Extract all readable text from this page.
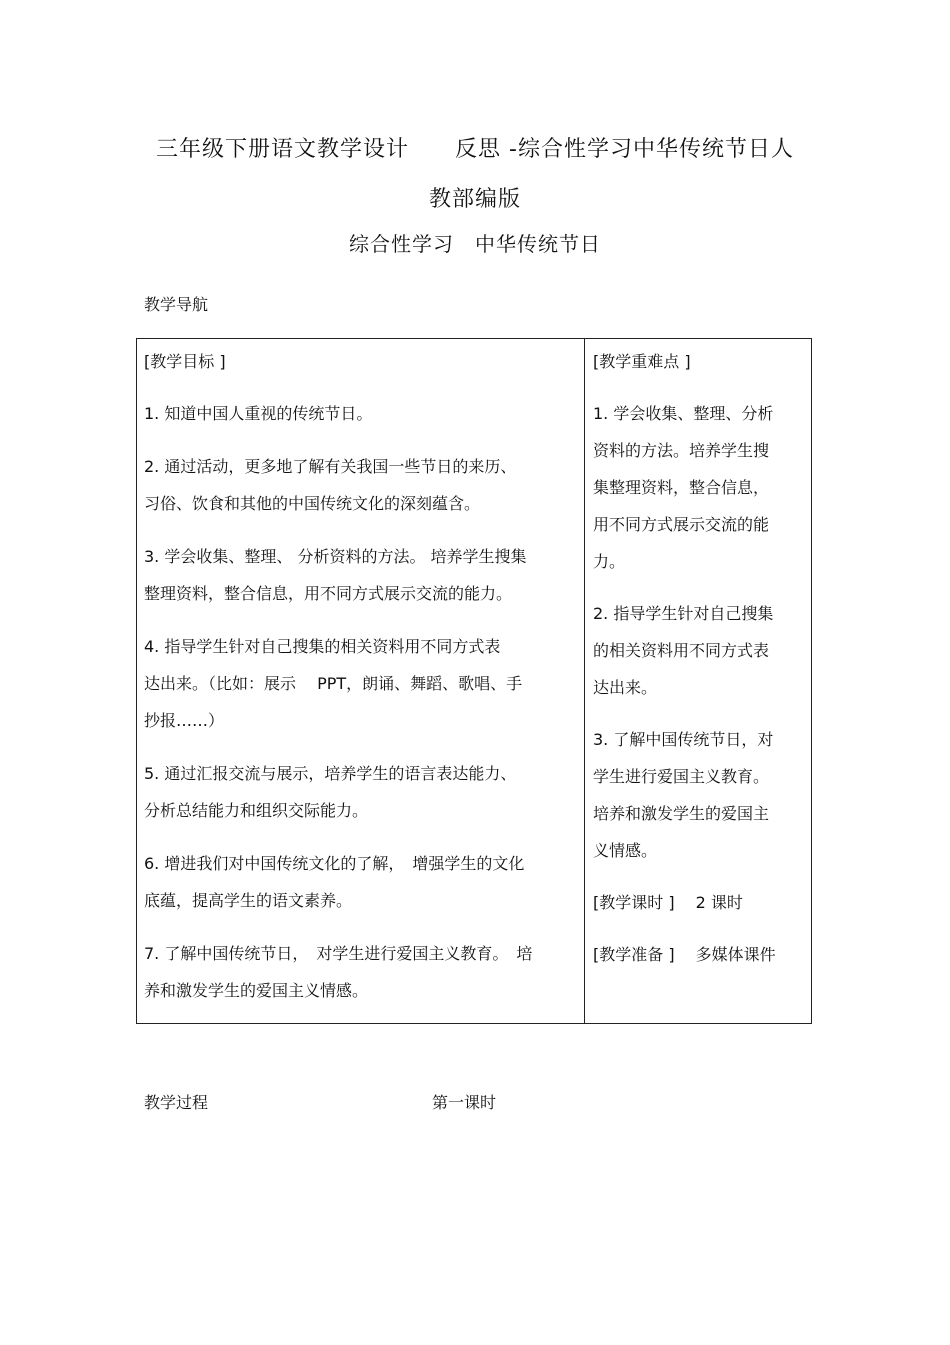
三年级下册语文教学设计　　反思 -综合性学习中华传统节日人
教部编版
综合性学习　中华传统节日
教学导航

[教学目标 ]

1. 知道中国人重视的传统节日。

2. 通过活动，更多地了解有关我国一些节日的来历、
习俗、饮食和其他的中国传统文化的深刻蕴含。

3. 学会收集、整理、 分析资料的方法。 培养学生搜集
整理资料，整合信息，用不同方式展示交流的能力。

4. 指导学生针对自己搜集的相关资料用不同方式表
达出来。（比如：展示　 PPT，朗诵、舞蹈、歌唱、手
抄报……）

5. 通过汇报交流与展示，培养学生的语言表达能力、
分析总结能力和组织交际能力。

6. 增进我们对中国传统文化的了解，　增强学生的文化
底蕴，提高学生的语文素养。

7. 了解中国传统节日，　对学生进行爱国主义教育。　培
养和激发学生的爱国主义情感。

[教学重难点 ]

1. 学会收集、整理、分析
资料的方法。培养学生搜
集整理资料，整合信息，
用不同方式展示交流的能
力。

2. 指导学生针对自己搜集
的相关资料用不同方式表
达出来。

3. 了解中国传统节日，对
学生进行爱国主义教育。
培养和激发学生的爱国主
义情感。

[教学课时 ]　 2 课时

[教学准备 ]　 多媒体课件

教学过程	第一课时
